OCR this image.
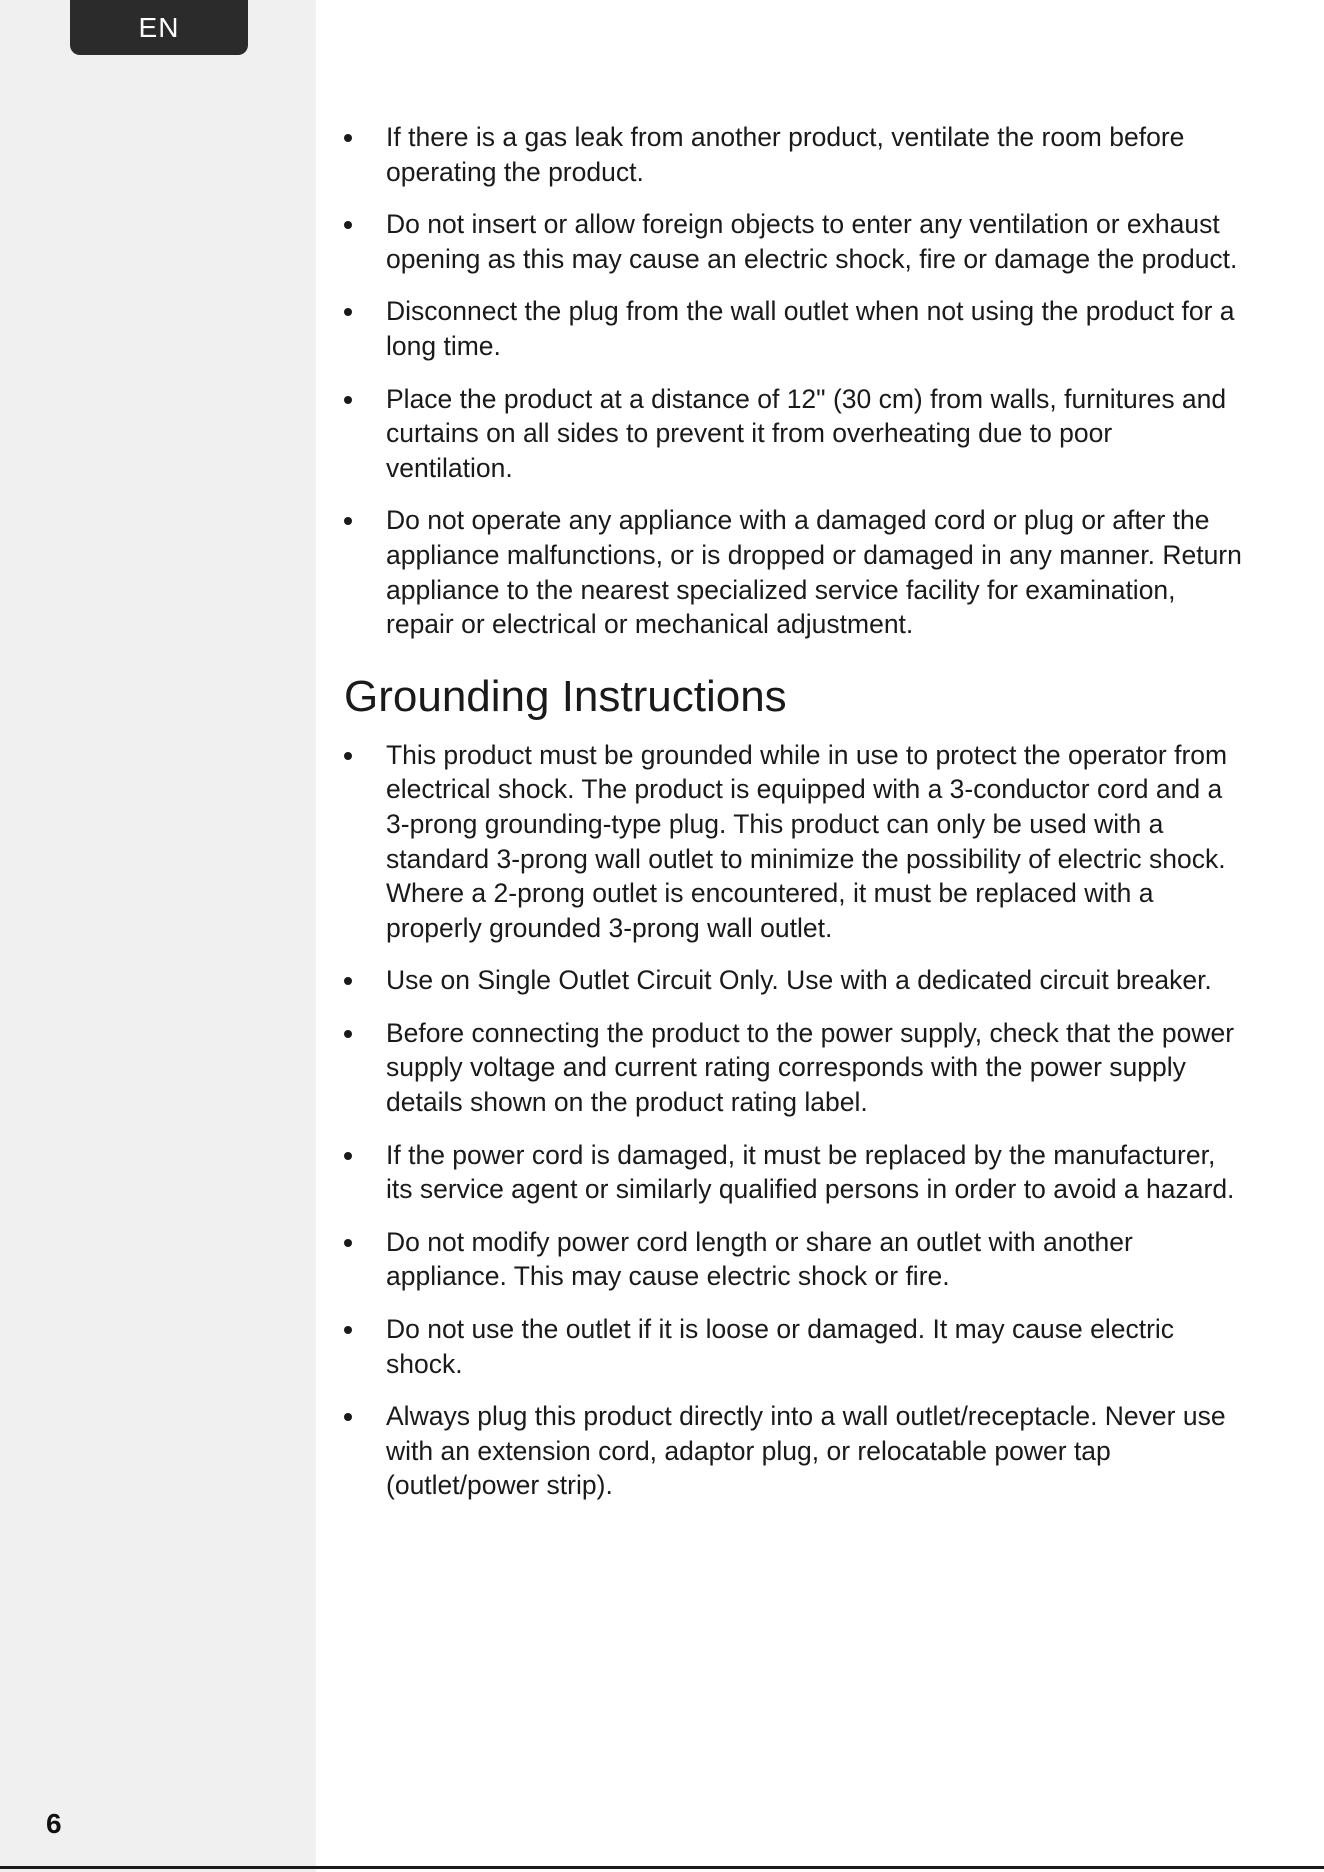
EN
6
If there is a gas leak from another product, ventilate the room before operating the product.
Do not insert or allow foreign objects to enter any ventilation or exhaust opening as this may cause an electric shock, fire or damage the product.
Disconnect the plug from the wall outlet when not using the product for a long time.
Place the product at a distance of 12" (30 cm) from walls, furnitures and curtains on all sides to prevent it from overheating due to poor ventilation.
Do not operate any appliance with a damaged cord or plug or after the appliance malfunctions, or is dropped or damaged in any manner. Return appliance to the nearest specialized service facility for examination, repair or electrical or mechanical adjustment.
Grounding Instructions
This product must be grounded while in use to protect the operator from electrical shock. The product is equipped with a 3-conductor cord and a 3-prong grounding-type plug. This product can only be used with a standard 3-prong wall outlet to minimize the possibility of electric shock. Where a 2-prong outlet is encountered, it must be replaced with a properly grounded 3-prong wall outlet.
Use on Single Outlet Circuit Only. Use with a dedicated circuit breaker.
Before connecting the product to the power supply, check that the power supply voltage and current rating corresponds with the power supply details shown on the product rating label.
If the power cord is damaged, it must be replaced by the manufacturer, its service agent or similarly qualified persons in order to avoid a hazard.
Do not modify power cord length or share an outlet with another appliance. This may cause electric shock or fire.
Do not use the outlet if it is loose or damaged. It may cause electric shock.
Always plug this product directly into a wall outlet/receptacle. Never use with an extension cord, adaptor plug, or relocatable power tap (outlet/power strip).
